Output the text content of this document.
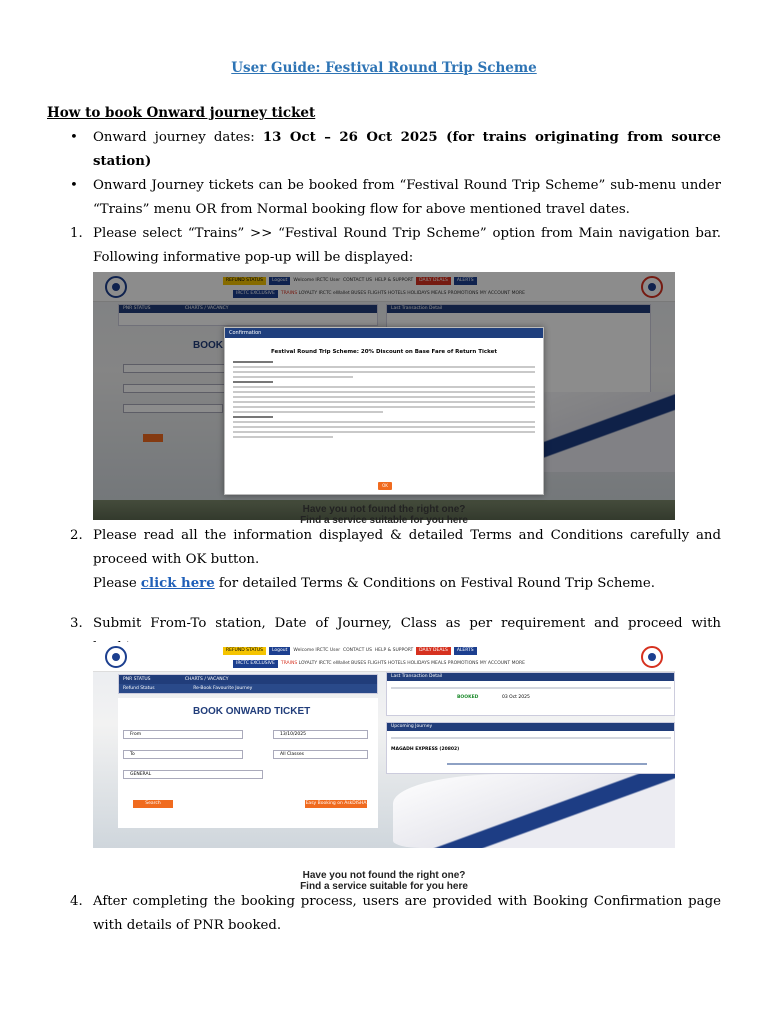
User Guide: Festival Round Trip Scheme
How to book Onward journey ticket
• Onward journey dates: 13 Oct – 26 Oct 2025 (for trains originating from source station)
• Onward Journey tickets can be booked from “Festival Round Trip Scheme” sub-menu under “Trains” menu OR from Normal booking flow for above mentioned travel dates.
1. Please select “Trains” >> “Festival Round Trip Scheme” option from Main navigation bar. Following informative pop-up will be displayed:
REFUND STATUS Logout Welcome IRCTC User CONTACT US HELP & SUPPORT DAILY DEALS ALERTS
IRCTC EXCLUSIVE TRAINS LOYALTY IRCTC eWallet BUSES FLIGHTS HOTELS HOLIDAYS MEALS PROMOTIONS MY ACCOUNT MORE
PNR STATUS	CHARTS / VACANCY
BOOK
Last Transaction Detail
Confirmation
Festival Round Trip Scheme: 20% Discount on Base Fare of Return Ticket
OK
Have you not found the right one?
Find a service suitable for you here
2. Please read all the information displayed & detailed Terms and Conditions carefully and proceed with OK button.
Please click here for detailed Terms & Conditions on Festival Round Trip Scheme.
3. Submit From-To station, Date of Journey, Class as per requirement and proceed with
REFUND STATUS Logout Welcome IRCTC User CONTACT US HELP & SUPPORT DAILY DEALS ALERTS
IRCTC EXCLUSIVE TRAINS LOYALTY IRCTC eWallet BUSES FLIGHTS HOTELS HOLIDAYS MEALS PROMOTIONS MY ACCOUNT MORE
PNR STATUS	CHARTS / VACANCY
Refund Status	Re-Book Favourite Journey
BOOK ONWARD TICKET
From	13/10/2025
To	All Classes
GENERAL
Search	Easy Booking on AskDISHA
Last Transaction Detail
BOOKED	03 Oct 2025
Upcoming Journey
MAGADH EXPRESS (20802)
Have you not found the right one?
Find a service suitable for you here
4. After completing the booking process, users are provided with Booking Confirmation page with details of PNR booked.
